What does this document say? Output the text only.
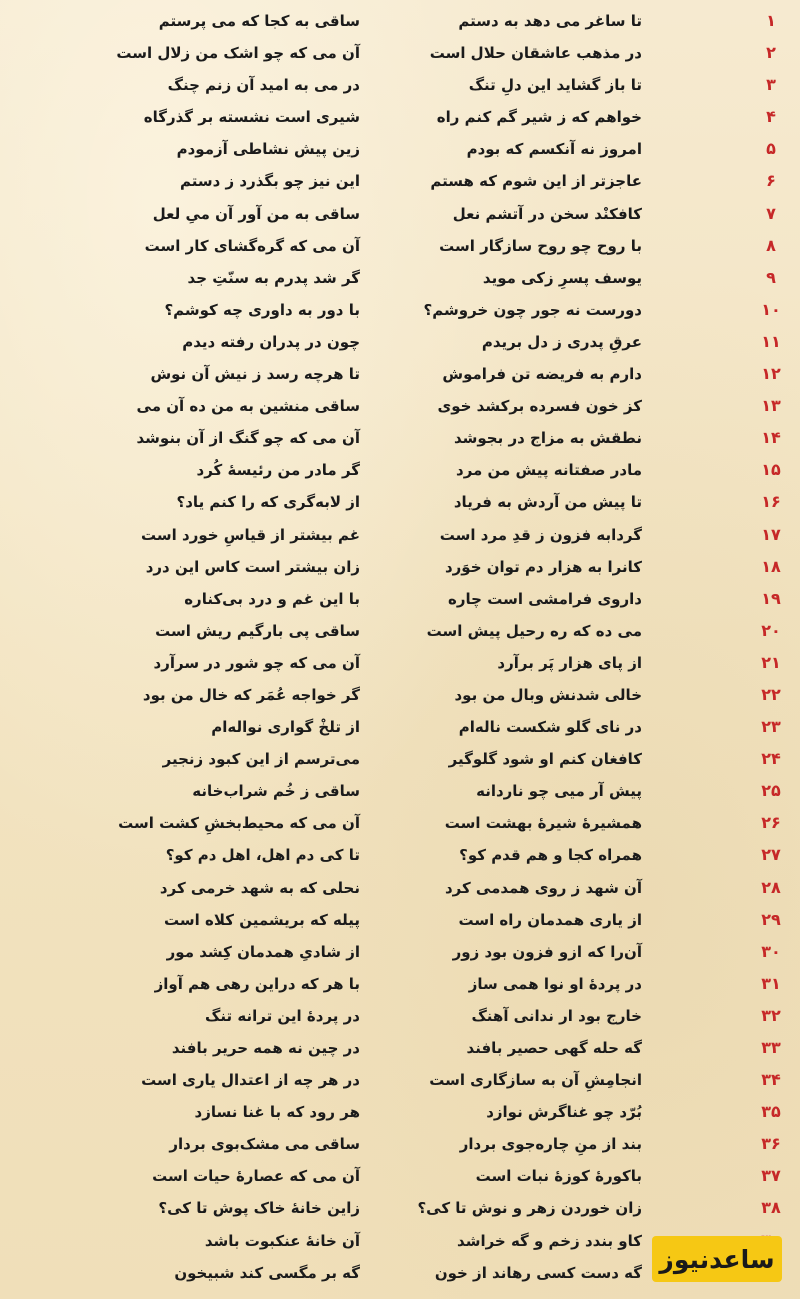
۱
ساقی به کجا که می پرستم	تا ساغر می دهد به دستم
۲
آن می که چو اشک من زلال است	در مذهب عاشقان حلال است
۳
در می به امید آن زنم چنگ	تا باز گشاید این دلِ تنگ
۴
شیری است نشسته بر گذرگاه	خواهم که ز شیر گم کنم راه
۵
زین پیش نشاطی آزمودم	امروز نه آنکسم که بودم
۶
این نیز چو بگذرد ز دستم	عاجزتر از این شوم که هستم
۷
ساقی به من آور آن میِ لعل	کافکنْد سخن در آتشم نعل
۸
آن می که گره‌گشای کار است	با روح چو روح سازگار است
۹
گر شد پدرم به سنّتِ جد	یوسف پسرِ زکی موید
۱۰
با دور به داوری چه کوشم؟	دورست نه جور چون خروشم؟
۱۱
چون در پدران رفته دیدم	عرقِ پدری ز دل بریدم
۱۲
تا هرچه رسد ز نیش آن نوش	دارم به فریضه تن فراموش
۱۳
ساقی منشین به من ده آن می	کز خون فسرده برکشد خوی
۱۴
آن می که چو گنگ از آن بنوشد	نطقش به مزاج در بجوشد
۱۵
گر مادر من رئیسهٔ کُرد	مادر صفتانه پیش من مرد
۱۶
از لابه‌گری که را کنم یاد؟	تا پیش من آردش به فریاد
۱۷
غم بیشتر از قیاسِ خورد است	گردابه فزون ز قدِ مرد است
۱۸
زان بیشتر است کاس این درد	کانرا به هزار دم توان خوَرد
۱۹
با این غم و درد بی‌کناره	داروی فرامشی است چاره
۲۰
ساقی پی بارگیم ریش است	می ده که ره رحیل پیش است
۲۱
آن می که چو شور در سرآرد	از پای هزار پَر برآرد
۲۲
گر خواجه عُمَر که خال من بود	خالی شدنش وبال من بود
۲۳
از تلخْ گواری نواله‌ام	در نای گلو شکست ناله‌ام
۲۴
می‌ترسم از این کبود زنجیر	کافغان کنم او شود گلوگیر
۲۵
ساقی ز خُم شراب‌خانه	پیش آر میی چو ناردانه
۲۶
آن می که محیط‌بخشِ کشت است	همشیرهٔ شیرهٔ بهشت است
۲۷
تا کی دم اهل، اهل دم کو؟	همراه کجا و هم قدم کو؟
۲۸
نحلی که به شهد خرمی کرد	آن شهد ز روی همدمی کرد
۲۹
پیله که بریشمین کلاه است	از یاری همدمان راه است
۳۰
از شادیِ همدمان کِشد مور	آن‌را که ازو فزون بود زور
۳۱
با هر که دراین رهی هم آواز	در پردهٔ او نوا همی ساز
۳۲
در پردهٔ این ترانه تنگ	خارج بود ار ندانی آهنگ
۳۳
در چین نه همه حریر بافند	گه حله گهی حصیر بافند
۳۴
در هر چه از اعتدال یاری است	انجامِشِ آن به سازگاری است
۳۵
هر رود که با غنا نسازد	بُرّد چو غناگرش نوازد
۳۶
ساقی می مشک‌بوی بردار	بند از منِ چاره‌جوی بردار
۳۷
آن می که عصارهٔ حیات است	باکورهٔ کوزهٔ نبات است
۳۸
زاین خانهٔ خاک پوش تا کی؟	زان خوردن زهر و نوش تا کی؟
آن خانهٔ عنکبوت باشد	کاو بندد زخم و گه خراشد
گه بر مگسی کند شبیخون	گه دست کسی رهاند از خون ساعدنیوز
